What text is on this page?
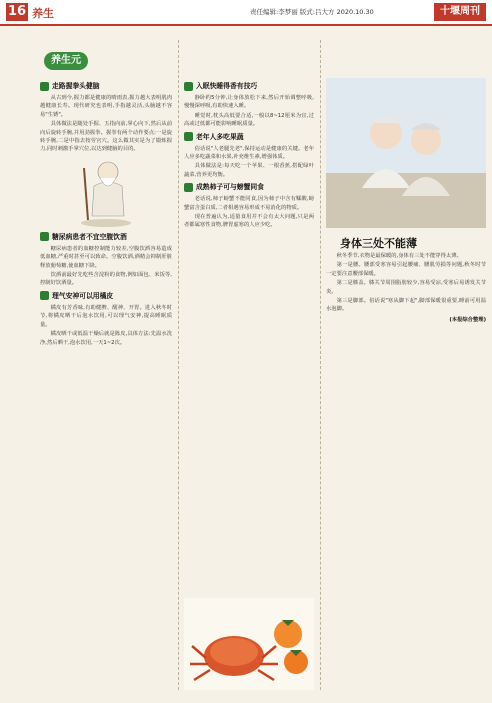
16 养生	责任编辑:李梦丽 版式:吕大方 2020.10.30	十堰周刊
养生元
走路握拳头健脑

从古到今,握力都是健康的晴雨表,握力越大表明肌肉越健康长寿。现代研究也表明,手指越灵活,头脑越不容易"生锈"。

具体做法是随处手握、五指向前,掌心向下,然后从前向后旋转手腕,并用劲握拳。握拳有两个动作要点:一是旋转手腕,二是中指去按劳宫穴。这么做其实是为了锻炼握力,同时刺激手掌穴位,以达到健脑的目的。

糖尿病患者不宜空腹饮酒

糖尿病患者的血糖控制能力较差,空腹饮酒容易造成低血糖,严重时甚至可以致命。空腹饮酒,酒精会抑制肝脏释放葡萄糖,使血糖下降。

饮酒前最好先吃些含淀粉的食物,例如面包、米饭等,控制好饮酒量。

理气安神可以用橘皮

橘皮有芳香味,有助健脾、醒神、开胃。进入秋冬时节,将橘皮晒干后泡水饮用,可以理气安神,提高睡眠质量。

橘皮晒干或低温干燥后就是陈皮,具体方法:先温水洗净,然后晒干,泡水饮用,一天1~2次。

入眠快睡得香有技巧

静卧约5分钟,让身体放松下来,然后开始调整呼吸,慢慢深呼吸,有助快速入睡。

睡觉时,枕头高低要合适,一般以8~12厘米为宜,过高或过低都可能影响睡眠质量。

老年人多吃果蔬

俗话说"人老腿先老",保持运动是健康的关键。老年人应多吃蔬菜和水果,补充维生素,增强体质。

具体做法是:每天吃一个苹果、一根香蕉,搭配绿叶蔬菜,营养更均衡。

成熟柿子可与螃蟹同食

老话说,柿子螃蟹不能同食,因为柿子中含有鞣酸,螃蟹富含蛋白质,二者相遇容易形成不易消化的物质。

现在普遍认为,适量食用并不会有太大问题,只是两者都属寒性食物,脾胃虚寒的人应少吃。

身体三处不能薄

秋冬季节,衣物是最保暖的,身体有三处不能穿得太薄。

第一是腰。腰部受寒容易引起腰痛、腰肌劳损等问题,秋冬时节一定要注意腰部保暖。

第二是膝盖。膝关节周围脂肪较少,容易受凉,受寒后易诱发关节炎。

第三是脚部。俗话说"寒从脚下起",脚部保暖很重要,睡前可用温水泡脚。

(本报综合整理)
